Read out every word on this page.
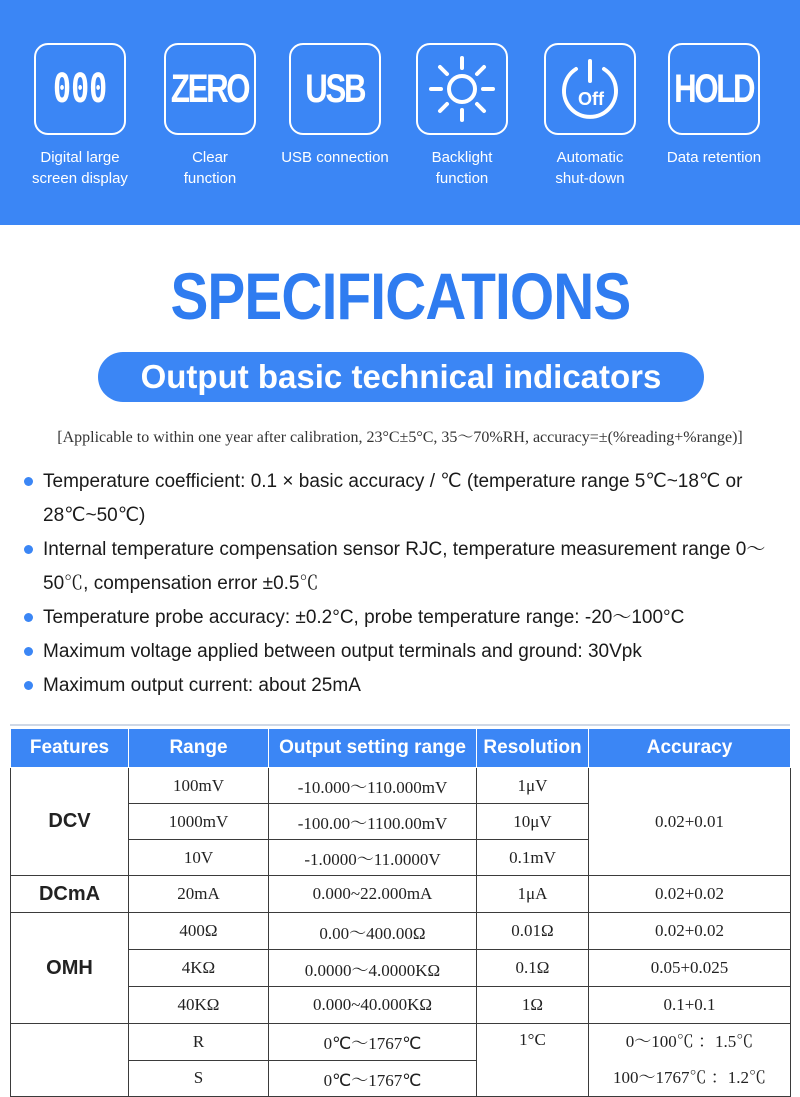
000
Digital large
screen display
ZERO
Clear
function
USB
USB connection	Backlight
function
Off
Automatic
shut-down
HOLD
Data retention
SPECIFICATIONS
Output basic technical indicators
[Applicable to within one year after calibration, 23°C±5°C, 35～70%RH, accuracy=±(%reading+%range)]
Temperature coefficient: 0.1 × basic accuracy / ℃ (temperature range 5℃~18℃ or 28℃~50℃)
Internal temperature compensation sensor RJC, temperature measurement range 0～50℃, compensation error ±0.5℃
Temperature probe accuracy: ±0.2°C, probe temperature range: -20～100°C
Maximum voltage applied between output terminals and ground: 30Vpk
Maximum output current: about 25mA
Features	Range	Output setting range	Resolution	Accuracy
DCV	100mV	-10.000～110.000mV	1μV	0.02+0.01
	1000mV	-100.00～1100.00mV	10μV	
	10V	-1.0000～11.0000V	0.1mV	
DCmA	20mA	0.000~22.000mA	1μA	0.02+0.02
OMH	400Ω	0.00～400.00Ω	0.01Ω	0.02+0.02
	4KΩ	0.0000～4.0000KΩ	0.1Ω	0.05+0.025
	40KΩ	0.000~40.000KΩ	1Ω	0.1+0.1
	R	0℃～1767℃	1°C	0～100℃ ：1.5℃
100～1767℃ ：1.2℃

	S	0℃～1767℃		
